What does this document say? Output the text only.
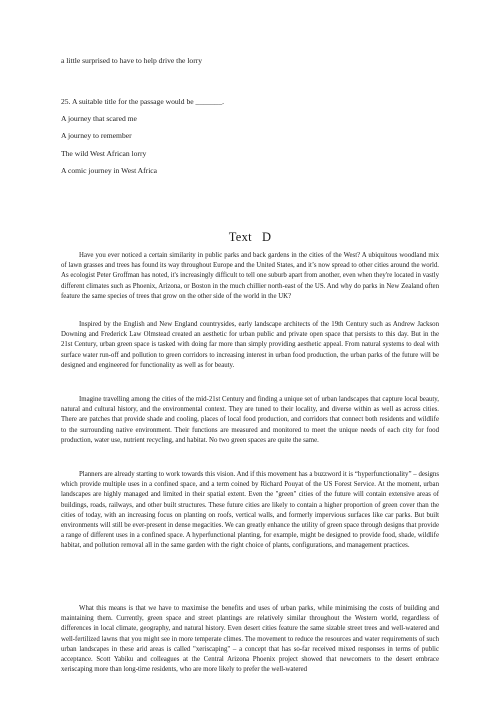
a little surprised to have to help drive the lorry
25. A suitable title for the passage would be _______.
A journey that scared me
A journey to remember
The wild West African lorry
A comic journey in West Africa
Text D

Have you ever noticed a certain similarity in public parks and back gardens in the cities of the West? A ubiquitous woodland mix of lawn grasses and trees has found its way throughout Europe and the United States, and it’s now spread to other cities around the world. As ecologist Peter Groffman has noted, it's increasingly difficult to tell one suburb apart from another, even when they're located in vastly different climates such as Phoenix, Arizona, or Boston in the much chillier north-east of the US. And why do parks in New Zealand often feature the same species of trees that grow on the other side of the world in the UK?

Inspired by the English and New England countrysides, early landscape architects of the 19th Century such as Andrew Jackson Downing and Frederick Law Olmstead created an aesthetic for urban public and private open space that persists to this day. But in the 21st Century, urban green space is tasked with doing far more than simply providing aesthetic appeal. From natural systems to deal with surface water run-off and pollution to green corridors to increasing interest in urban food production, the urban parks of the future will be designed and engineered for functionality as well as for beauty.

Imagine travelling among the cities of the mid-21st Century and finding a unique set of urban landscapes that capture local beauty, natural and cultural history, and the environmental context. They are tuned to their locality, and diverse within as well as across cities. There are patches that provide shade and cooling, places of local food production, and corridors that connect both residents and wildlife to the surrounding native environment. Their functions are measured and monitored to meet the unique needs of each city for food production, water use, nutrient recycling, and habitat. No two green spaces are quite the same.

Planners are already starting to work towards this vision. And if this movement has a buzzword it is “hyperfunctionality” – designs which provide multiple uses in a confined space, and a term coined by Richard Pouyat of the US Forest Service. At the moment, urban landscapes are highly managed and limited in their spatial extent. Even the "green" cities of the future will contain extensive areas of buildings, roads, railways, and other built structures. These future cities are likely to contain a higher proportion of green cover than the cities of today, with an increasing focus on planting on roofs, vertical walls, and formerly impervious surfaces like car parks. But built environments will still be ever-present in dense megacities. We can greatly enhance the utility of green space through designs that provide a range of different uses in a confined space. A hyperfunctional planting, for example, might be designed to provide food, shade, wildlife habitat, and pollution removal all in the same garden with the right choice of plants, configurations, and management practices.

What this means is that we have to maximise the benefits and uses of urban parks, while minimising the costs of building and maintaining them. Currently, green space and street plantings are relatively similar throughout the Western world, regardless of differences in local climate, geography, and natural history. Even desert cities feature the same sizable street trees and well-watered and well-fertilized lawns that you might see in more temperate climes. The movement to reduce the resources and water requirements of such urban landscapes in these arid areas is called "xeriscaping" – a concept that has so-far received mixed responses in terms of public acceptance. Scott Yabiku and colleagues at the Central Arizona Phoenix project showed that newcomers to the desert embrace xeriscaping more than long-time residents, who are more likely to prefer the well-watered
